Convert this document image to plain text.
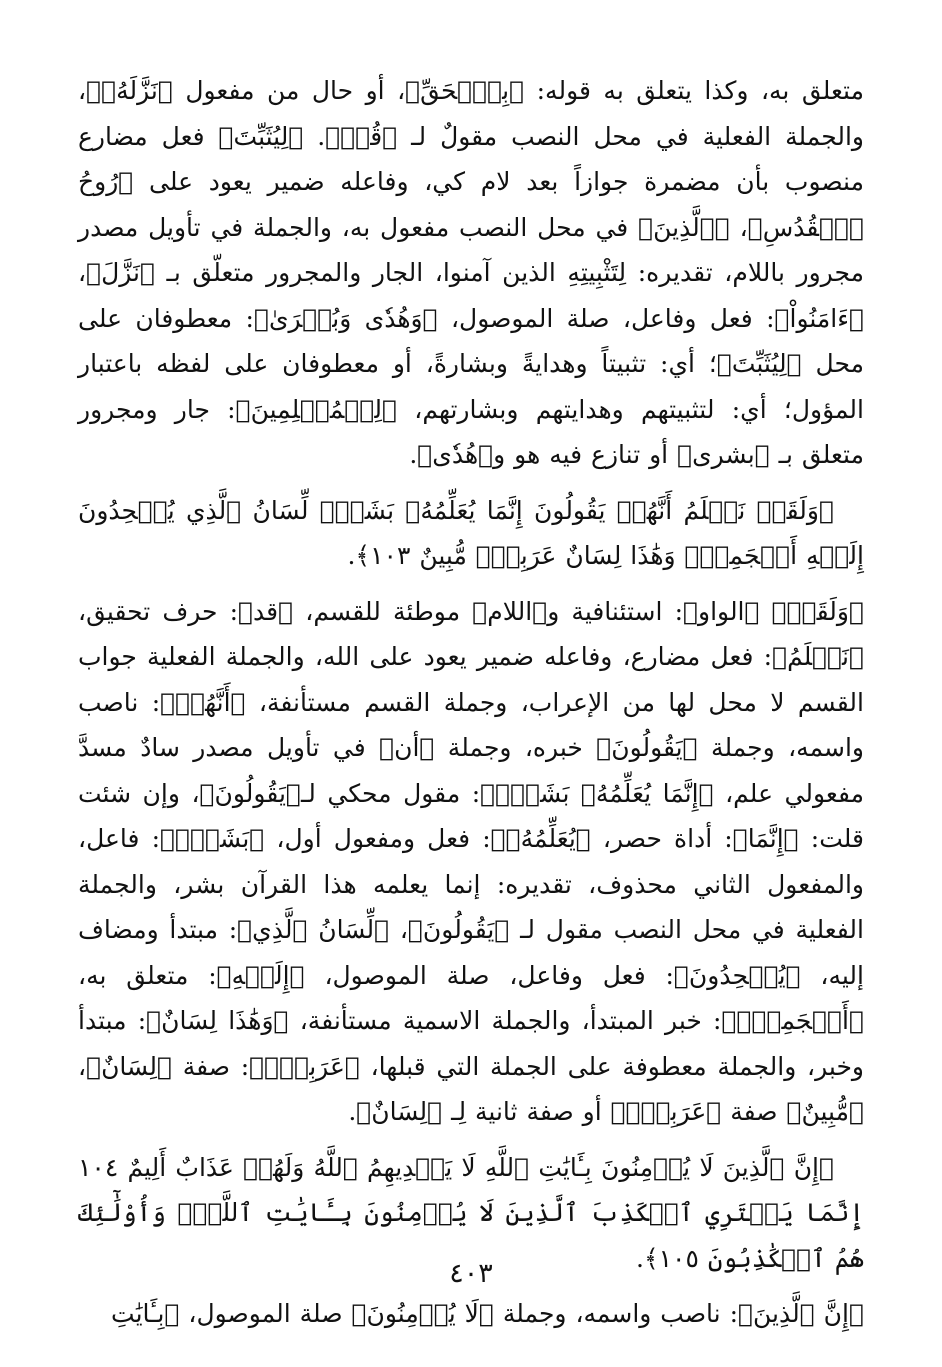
متعلق به، وكذا يتعلق به قوله: ﴿بِٱلۡحَقِّ﴾، أو حال من مفعول ﴿نَزَّلَهُۥ﴾، والجملة الفعلية في محل النصب مقولٌ لـ ﴿قُلۡ﴾. ﴿لِيُثَبِّتَ﴾ فعل مضارع منصوب بأن مضمرة جوازاً بعد لام كي، وفاعله ضمير يعود على ﴿رُوحُ ٱلۡقُدُسِ﴾، ﴿ٱلَّذِينَ﴾ في محل النصب مفعول به، والجملة في تأويل مصدر مجرور باللام، تقديره: لِتَثْبِيتِهِ الذين آمنوا، الجار والمجرور متعلّق بـ ﴿نَزَّلَ﴾، ﴿ءَامَنُواْ﴾: فعل وفاعل، صلة الموصول، ﴿وَهُدٗى وَبُشۡرَىٰ﴾: معطوفان على محل ﴿لِيُثَبِّتَ﴾؛ أي: تثبيتاً وهدايةً وبشارةً، أو معطوفان على لفظه باعتبار المؤول؛ أي: لتثبيتهم وهدايتهم وبشارتهم، ﴿لِلۡمُسۡلِمِينَ﴾: جار ومجرور متعلق بـ ﴿بشرى﴾ أو تنازع فيه هو و﴿هُدٗى﴾.

﴿وَلَقَدۡ نَعۡلَمُ أَنَّهُمۡ يَقُولُونَ إِنَّمَا يُعَلِّمُهُۥ بَشَرٞۗ لِّسَانُ ٱلَّذِي يُلۡحِدُونَ إِلَيۡهِ أَعۡجَمِيّٞ وَهَٰذَا لِسَانٌ عَرَبِيّٞ مُّبِينٌ ١٠٣﴾.

﴿وَلَقَدۡ﴾ ﴿الواو﴾: استئنافية و﴿اللام﴾ موطئة للقسم، ﴿قد﴾: حرف تحقيق، ﴿نَعۡلَمُ﴾: فعل مضارع، وفاعله ضمير يعود على الله، والجملة الفعلية جواب القسم لا محل لها من الإعراب، وجملة القسم مستأنفة، ﴿أَنَّهُمۡ﴾: ناصب واسمه، وجملة ﴿يَقُولُونَ﴾ خبره، وجملة ﴿أن﴾ في تأويل مصدر سادٌ مسدَّ مفعولي علم، ﴿إِنَّمَا يُعَلِّمُهُۥ بَشَرٞۗ﴾: مقول محكي لـ﴿يَقُولُونَ﴾، وإن شئت قلت: ﴿إِنَّمَا﴾: أداة حصر، ﴿يُعَلِّمُهُۥ﴾: فعل ومفعول أول، ﴿بَشَرٞۗ﴾: فاعل، والمفعول الثاني محذوف، تقديره: إنما يعلمه هذا القرآن بشر، والجملة الفعلية في محل النصب مقول لـ ﴿يَقُولُونَ﴾، ﴿لِّسَانُ ٱلَّذِي﴾: مبتدأ ومضاف إليه، ﴿يُلۡحِدُونَ﴾: فعل وفاعل، صلة الموصول، ﴿إِلَيۡهِ﴾: متعلق به، ﴿أَعۡجَمِيّٞ﴾: خبر المبتدأ، والجملة الاسمية مستأنفة، ﴿وَهَٰذَا لِسَانٌ﴾: مبتدأ وخبر، والجملة معطوفة على الجملة التي قبلها، ﴿عَرَبِيّٞ﴾: صفة ﴿لِسَانٌ﴾، ﴿مُّبِينٌ﴾ صفة ﴿عَرَبِيّٞ﴾ أو صفة ثانية لِـ ﴿لِسَانٌ﴾.

﴿إِنَّ ٱلَّذِينَ لَا يُؤۡمِنُونَ بِـَٔايَٰتِ ٱللَّهِ لَا يَهۡدِيهِمُ ٱللَّهُ وَلَهُمۡ عَذَابٌ أَلِيمٌ ١٠٤ إِنَّمَا يَفۡتَرِي ٱلۡكَذِبَ ٱلَّذِينَ لَا يُؤۡمِنُونَ بِـَٔايَٰتِ ٱللَّهِۖ وَأُوْلَٰٓئِكَ هُمُ ٱلۡكَٰذِبُونَ ١٠٥﴾.

﴿إِنَّ ٱلَّذِينَ﴾: ناصب واسمه، وجملة ﴿لَا يُؤۡمِنُونَ﴾ صلة الموصول، ﴿بِـَٔايَٰتِ

٤٠٣
